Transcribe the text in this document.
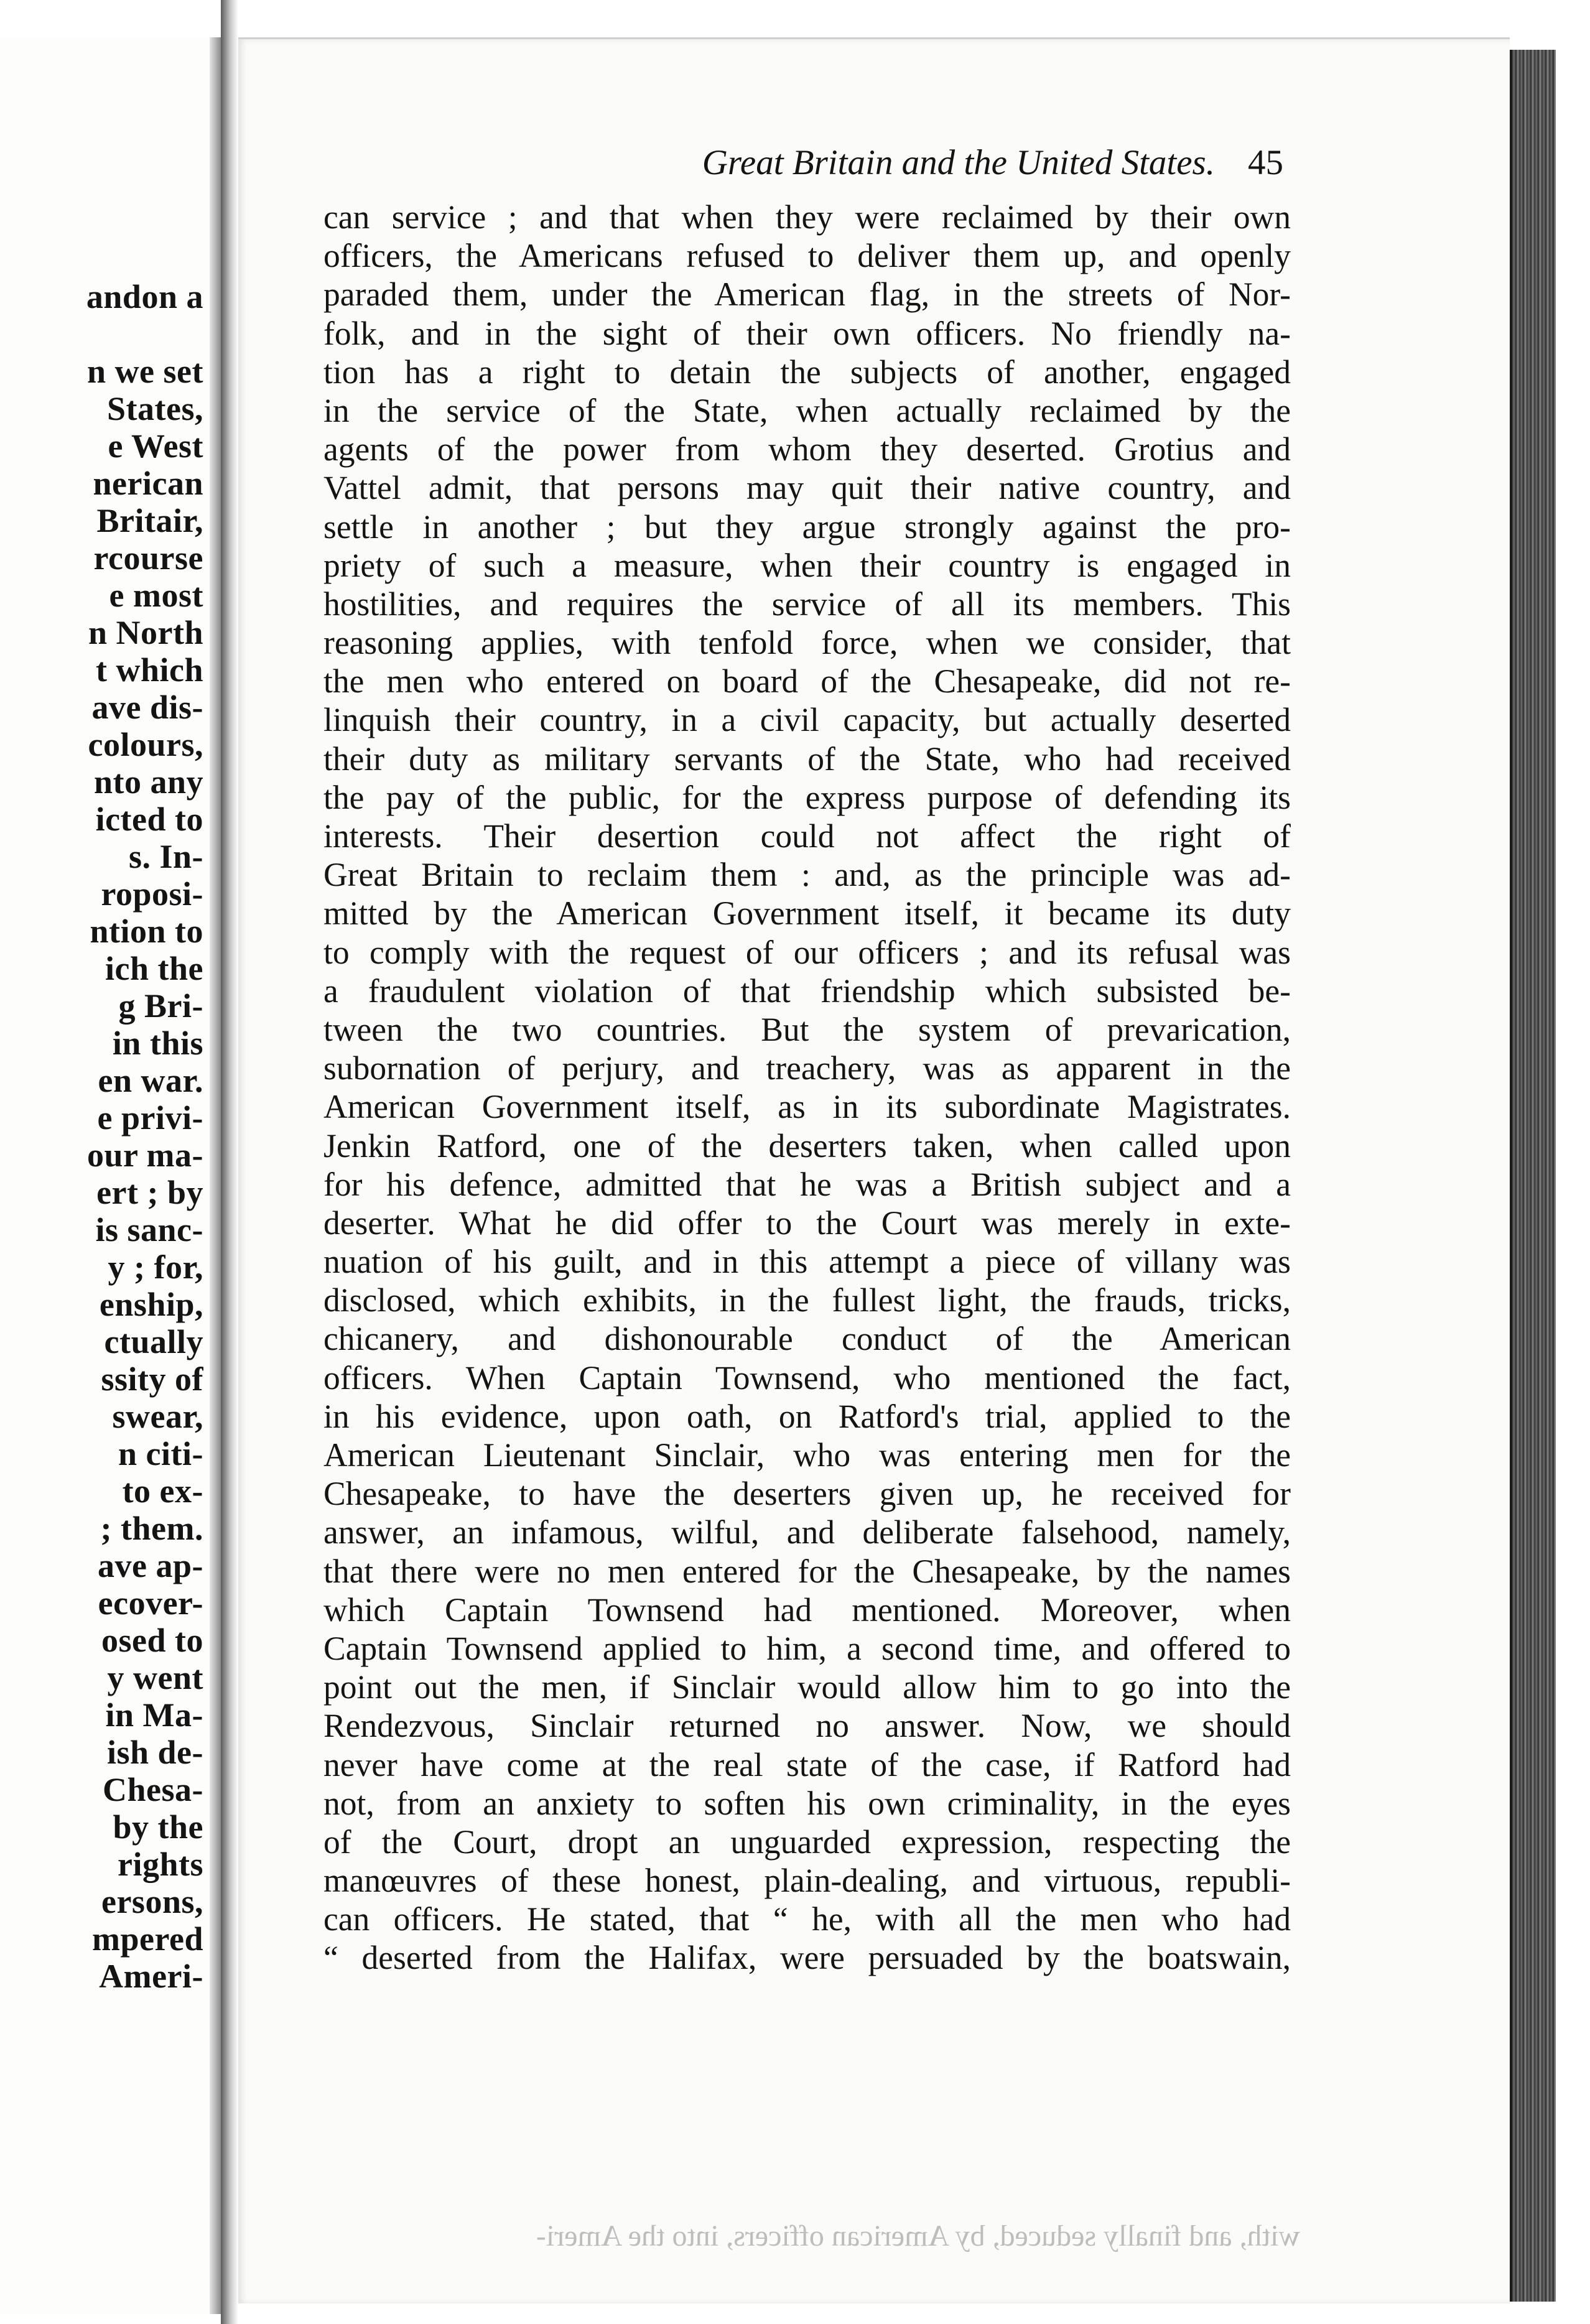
andon a
n we set
States,
e West
nerican
Britair,
rcourse
e most
n North
t which
ave dis-
colours,
nto any
icted to
s. In-
roposi-
ntion to
ich the
g Bri-
in this
en war.
e privi-
our ma-
ert ; by
is sanc-
y ; for,
enship,
ctually
ssity of
swear,
n citi-
to ex-
; them.
ave ap-
ecover-
osed to
y went
in Ma-
ish de-
Chesa-
by the
rights
ersons,
mpered
Ameri-
Great Britain and the United States. 45
can service ; and that when they were reclaimed by their own
officers, the Americans refused to deliver them up, and openly
paraded them, under the American flag, in the streets of Nor-
folk, and in the sight of their own officers. No friendly na-
tion has a right to detain the subjects of another, engaged
in the service of the State, when actually reclaimed by the
agents of the power from whom they deserted. Grotius and
Vattel admit, that persons may quit their native country, and
settle in another ; but they argue strongly against the pro-
priety of such a measure, when their country is engaged in
hostilities, and requires the service of all its members. This
reasoning applies, with tenfold force, when we consider, that
the men who entered on board of the Chesapeake, did not re-
linquish their country, in a civil capacity, but actually deserted
their duty as military servants of the State, who had received
the pay of the public, for the express purpose of defending its
interests. Their desertion could not affect the right of
Great Britain to reclaim them : and, as the principle was ad-
mitted by the American Government itself, it became its duty
to comply with the request of our officers ; and its refusal was
a fraudulent violation of that friendship which subsisted be-
tween the two countries. But the system of prevarication,
subornation of perjury, and treachery, was as apparent in the
American Government itself, as in its subordinate Magistrates.
Jenkin Ratford, one of the deserters taken, when called upon
for his defence, admitted that he was a British subject and a
deserter. What he did offer to the Court was merely in exte-
nuation of his guilt, and in this attempt a piece of villany was
disclosed, which exhibits, in the fullest light, the frauds, tricks,
chicanery, and dishonourable conduct of the American
officers. When Captain Townsend, who mentioned the fact,
in his evidence, upon oath, on Ratford's trial, applied to the
American Lieutenant Sinclair, who was entering men for the
Chesapeake, to have the deserters given up, he received for
answer, an infamous, wilful, and deliberate falsehood, namely,
that there were no men entered for the Chesapeake, by the names
which Captain Townsend had mentioned. Moreover, when
Captain Townsend applied to him, a second time, and offered to
point out the men, if Sinclair would allow him to go into the
Rendezvous, Sinclair returned no answer. Now, we should
never have come at the real state of the case, if Ratford had
not, from an anxiety to soften his own criminality, in the eyes
of the Court, dropt an unguarded expression, respecting the
manœuvres of these honest, plain-dealing, and virtuous, republi-
can officers. He stated, that “ he, with all the men who had
“ deserted from the Halifax, were persuaded by the boatswain,
with, and finally seduced, by American officers, into the Ameri-
